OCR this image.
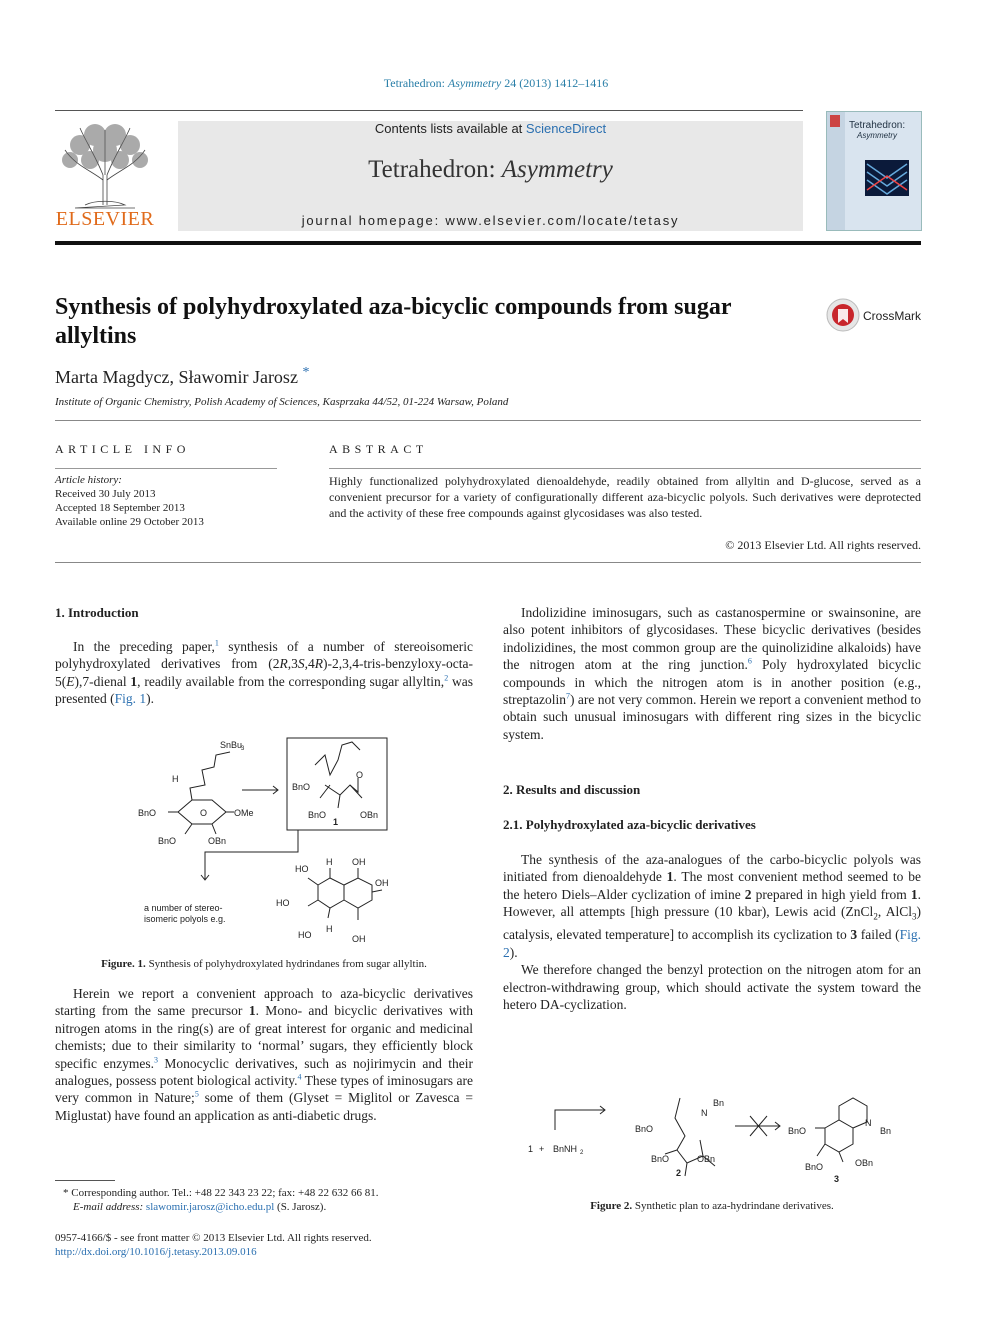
Tetrahedron: Asymmetry 24 (2013) 1412–1416
ELSEVIER
Contents lists available at ScienceDirect
Tetrahedron: Asymmetry
journal homepage: www.elsevier.com/locate/tetasy
Tetrahedron:
Asymmetry
Synthesis of polyhydroxylated aza-bicyclic compounds from sugar allyltins
CrossMark
Marta Magdycz, Sławomir Jarosz *
Institute of Organic Chemistry, Polish Academy of Sciences, Kasprzaka 44/52, 01-224 Warsaw, Poland
ARTICLE INFO	ABSTRACT
Article history:
Received 30 July 2013
Accepted 18 September 2013
Available online 29 October 2013
Highly functionalized polyhydroxylated dienoaldehyde, readily obtained from allyltin and D-glucose, served as a convenient precursor for a variety of configurationally different aza-bicyclic polyols. Such derivatives were deprotected and the activity of these free compounds against glycosidases was also tested.
© 2013 Elsevier Ltd. All rights reserved.
1. Introduction

In the preceding paper,$^1$ synthesis of a number of stereoisomeric polyhydroxylated derivatives from (2R,3S,4R)-2,3,4-tris-benzyloxy-octa-5(E),7-dienal 1, readily available from the corresponding sugar allyltin,$^2$ was presented (Fig. 1).

SnBu
3
H
O
BnO	OMe
BnO	OBn
BnO
O
BnO	OBn
1
HO
H OH
OH
HO
HO
H
OH
a number of stereo-
isomeric polyols e.g.
Figure. 1. Synthesis of polyhydroxylated hydrindanes from sugar allyltin.

Herein we report a convenient approach to aza-bicyclic derivatives starting from the same precursor 1. Mono- and bicyclic derivatives with nitrogen atoms in the ring(s) are of great interest for organic and medicinal chemists; due to their similarity to ‘normal’ sugars, they efficiently block specific enzymes.$^3$ Monocyclic derivatives, such as nojirimycin and their analogues, possess potent biological activity.$^4$ These types of iminosugars are very common in Nature;$^5$ some of them (Glyset = Miglitol or Zavesca = Miglustat) have found an application as anti-diabetic drugs.

* Corresponding author. Tel.: +48 22 343 23 22; fax: +48 22 632 66 81.
E-mail address: slawomir.jarosz@icho.edu.pl (S. Jarosz).
0957-4166/$ - see front matter © 2013 Elsevier Ltd. All rights reserved.
http://dx.doi.org/10.1016/j.tetasy.2013.09.016

Indolizidine iminosugars, such as castanospermine or swainsonine, are also potent inhibitors of glycosidases. These bicyclic derivatives (besides indolizidines, the most common group are the quinolizidine alkaloids) have the nitrogen atom at the ring junction.$^6$ Poly hydroxylated bicyclic compounds in which the nitrogen atom is in another position (e.g., streptazolin$^7$) are not very common. Herein we report a convenient method to obtain such unusual iminosugars with different ring sizes in the bicyclic system.

2. Results and discussion
2.1. Polyhydroxylated aza-bicyclic derivatives

The synthesis of the aza-analogues of the carbo-bicyclic polyols was initiated from dienoaldehyde 1. The most convenient method seemed to be the hetero Diels–Alder cyclization of imine 2 prepared in high yield from 1. However, all attempts [high pressure (10 kbar), Lewis acid (ZnCl$_2$, AlCl$_3$) catalysis, elevated temperature] to accomplish its cyclization to 3 failed (Fig. 2).

We therefore changed the benzyl protection on the nitrogen atom for an electron-withdrawing group, which should activate the system toward the hetero DA-cyclization.

1 + BnNH 2
N
Bn
BnO
BnO	OBn
2
N
Bn
BnO
BnO	OBn
3
Figure 2. Synthetic plan to aza-hydrindane derivatives.
